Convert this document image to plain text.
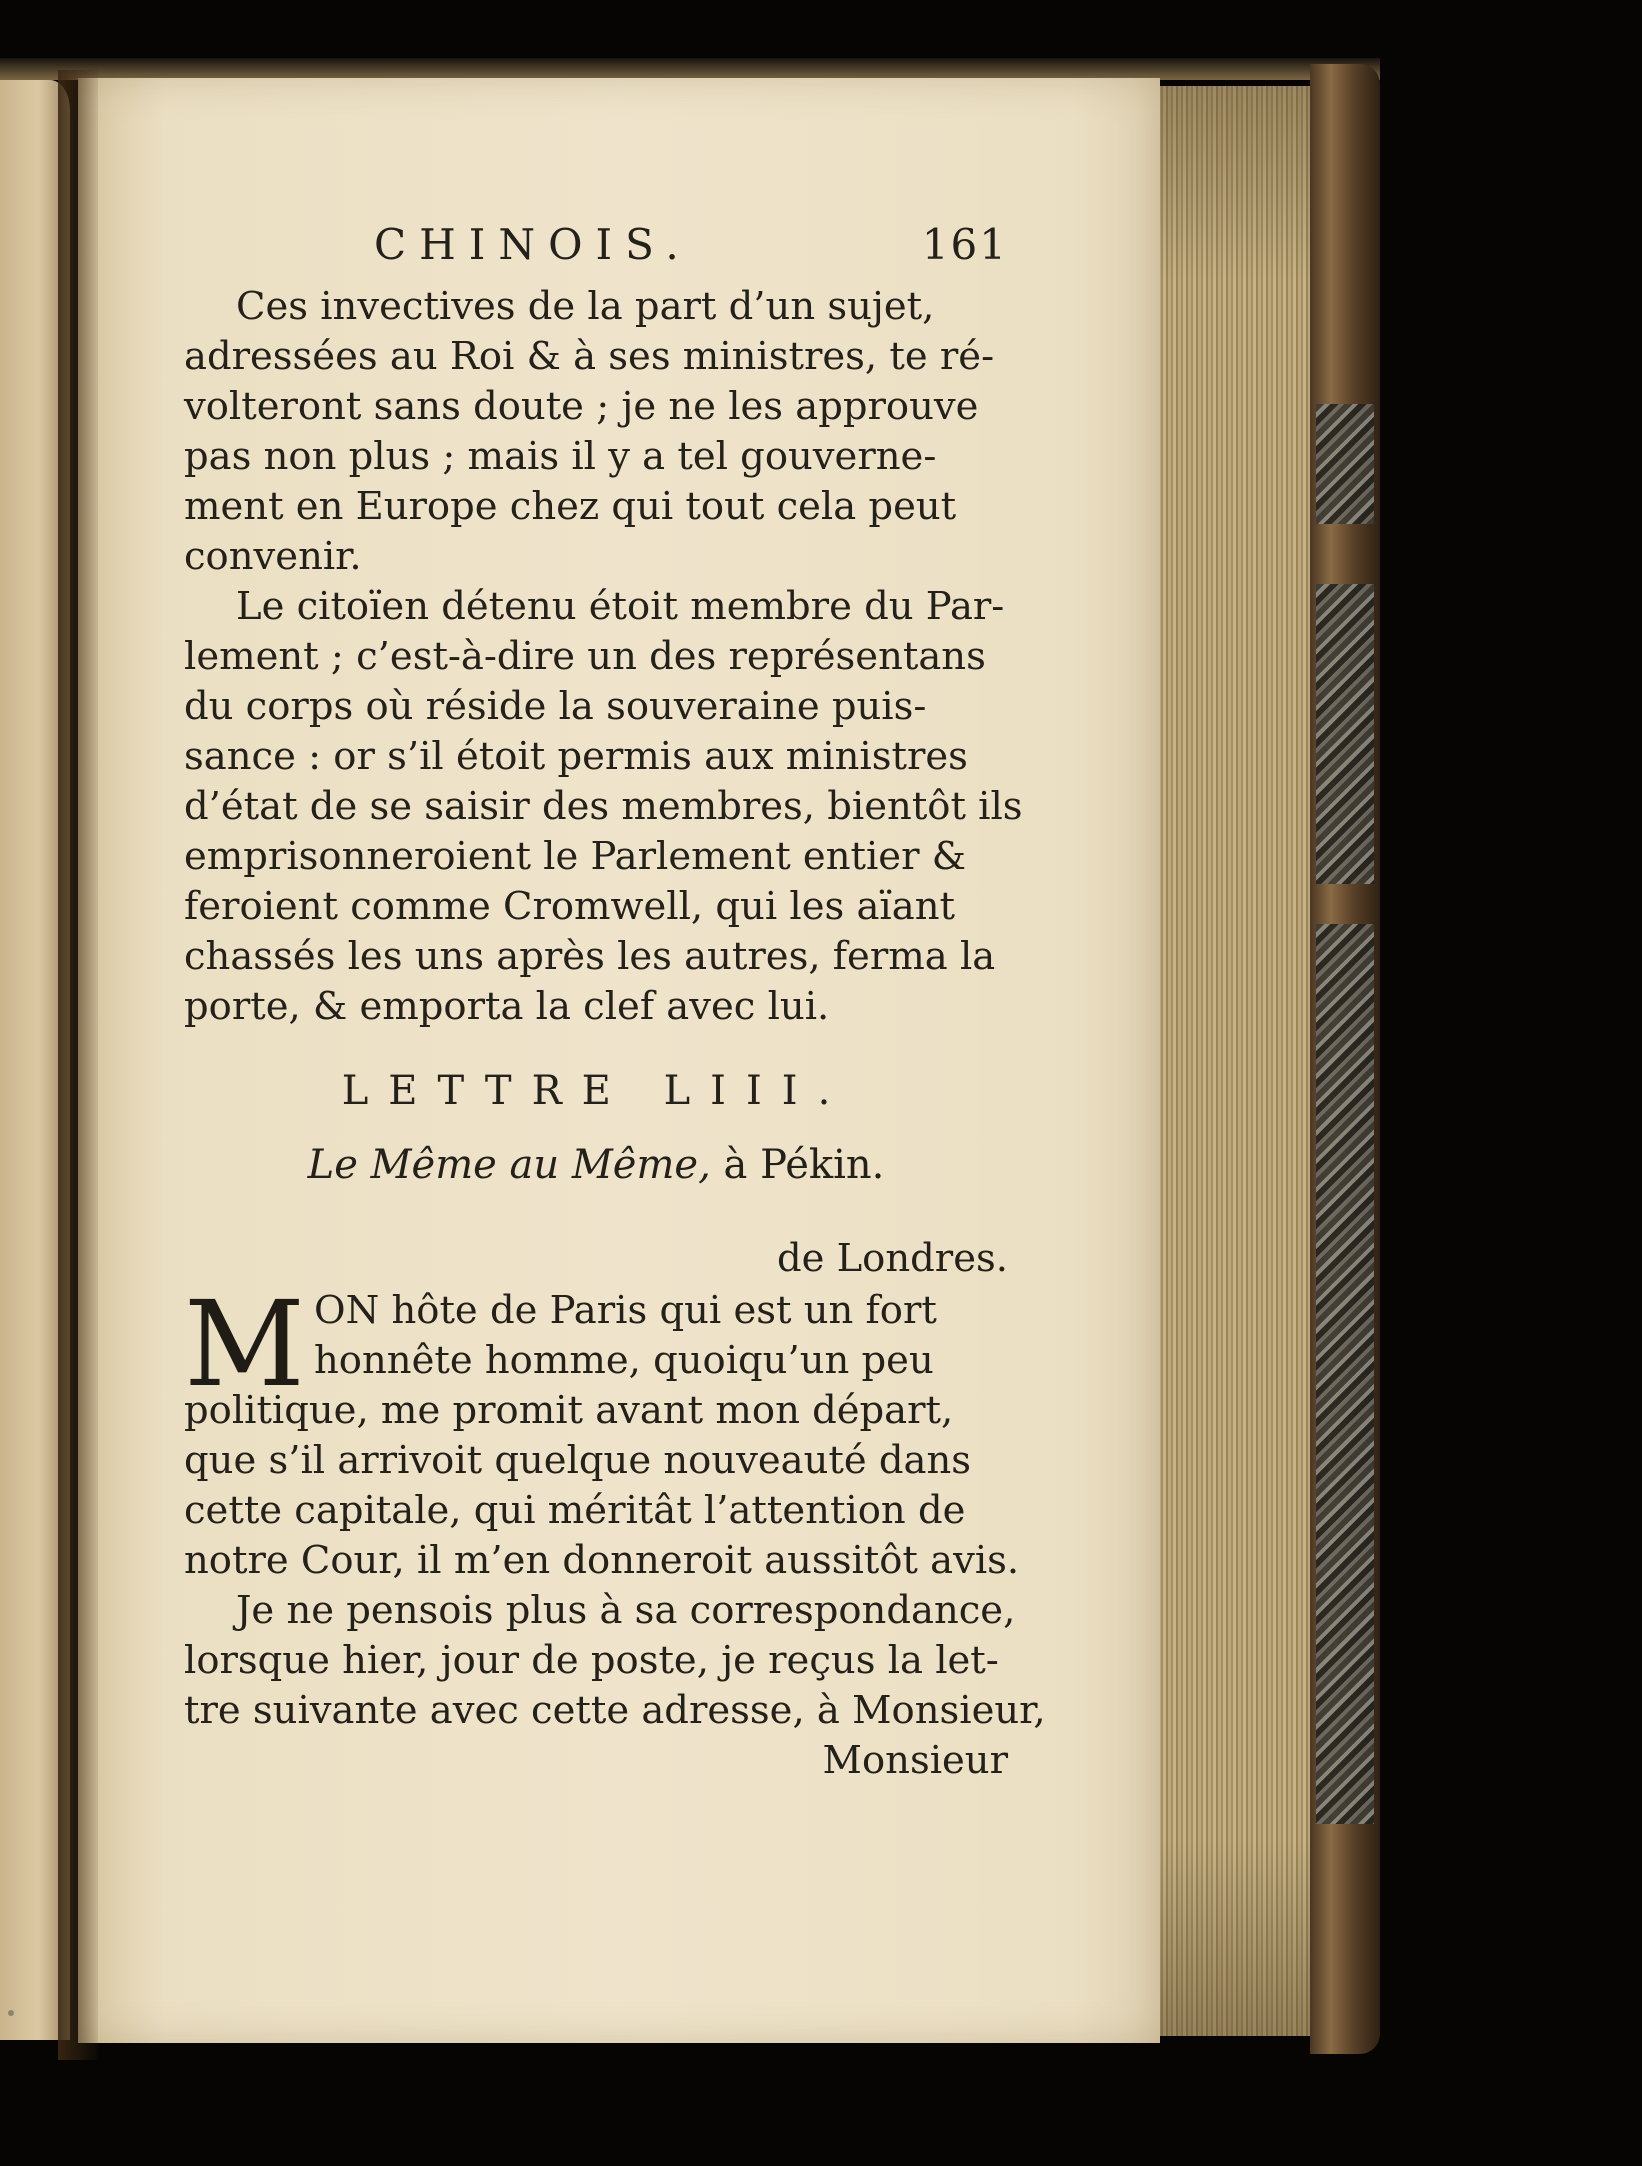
CHINOIS.	161
Ces invectives de la part d’un sujet,
adressées au Roi & à ses ministres, te ré-
volteront sans doute ; je ne les approuve
pas non plus ; mais il y a tel gouverne-
ment en Europe chez qui tout cela peut
convenir.
Le citoïen détenu étoit membre du Par-
lement ; c’est-à-dire un des représentans
du corps où réside la souveraine puis-
sance : or s’il étoit permis aux ministres
d’état de se saisir des membres, bientôt ils
emprisonneroient le Parlement entier &
feroient comme Cromwell, qui les aïant
chassés les uns après les autres, ferma la
porte, & emporta la clef avec lui.
LETTRE LIII.
Le Même au Même, à Pékin.
de Londres.
M ON hôte de Paris qui est un fort
honnête homme, quoiqu’un peu
politique, me promit avant mon départ,
que s’il arrivoit quelque nouveauté dans
cette capitale, qui méritât l’attention de
notre Cour, il m’en donneroit aussitôt avis.
Je ne pensois plus à sa correspondance,
lorsque hier, jour de poste, je reçus la let-
tre suivante avec cette adresse, à Monsieur,
Monsieur
